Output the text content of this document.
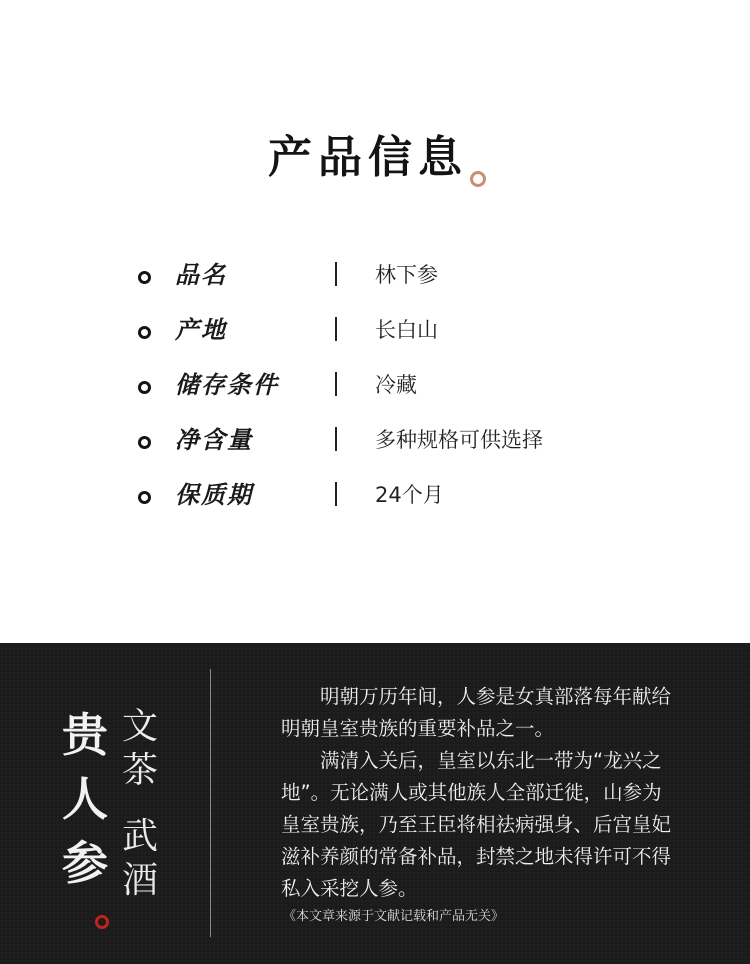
产品信息
品名	林下参
产地	长白山
储存条件	冷藏
净含量	多种规格可供选择
保质期	24个月
贵
人
参
文
茶
武
酒

明朝万历年间，人参是女真部落每年献给明朝皇室贵族的重要补品之一。

满清入关后，皇室以东北一带为“龙兴之地”。无论满人或其他族人全部迁徙，山参为皇室贵族，乃至王臣将相祛病强身、后宫皇妃滋补养颜的常备补品，封禁之地未得许可不得私入采挖人参。

《本文章来源于文献记载和产品无关》
